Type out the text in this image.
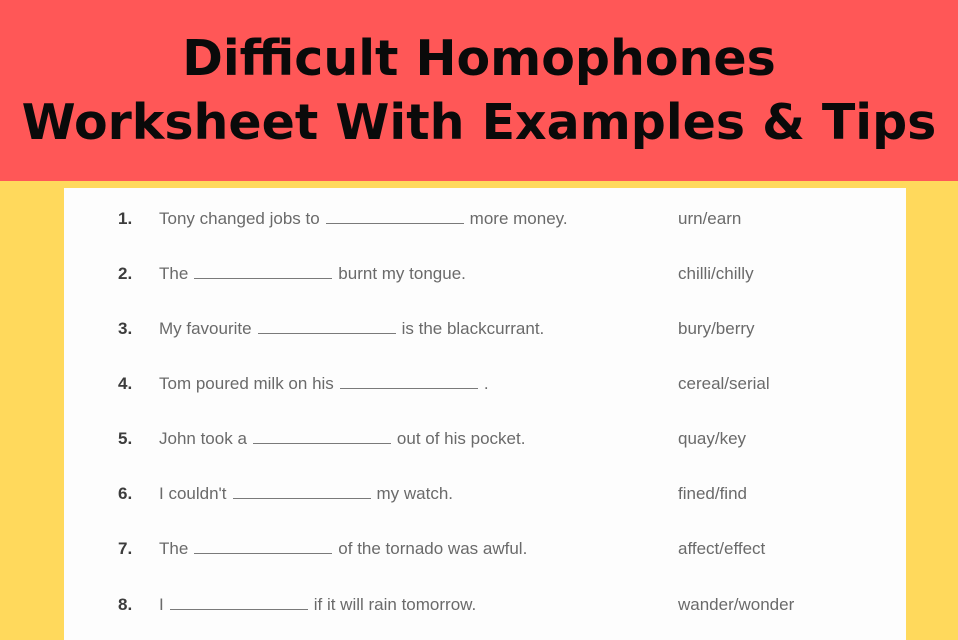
Difficult Homophones
Worksheet With Examples & Tips
1. Tony changed jobs to	more money.	urn/earn
2. The	burnt my tongue.	chilli/chilly
3. My favourite	is the blackcurrant.	bury/berry
4. Tom poured milk on his	.	cereal/serial
5. John took a	out of his pocket.	quay/key
6. I couldn't	my watch.	fined/find
7. The	of the tornado was awful.	affect/effect
8. I	if it will rain tomorrow.	wander/wonder
